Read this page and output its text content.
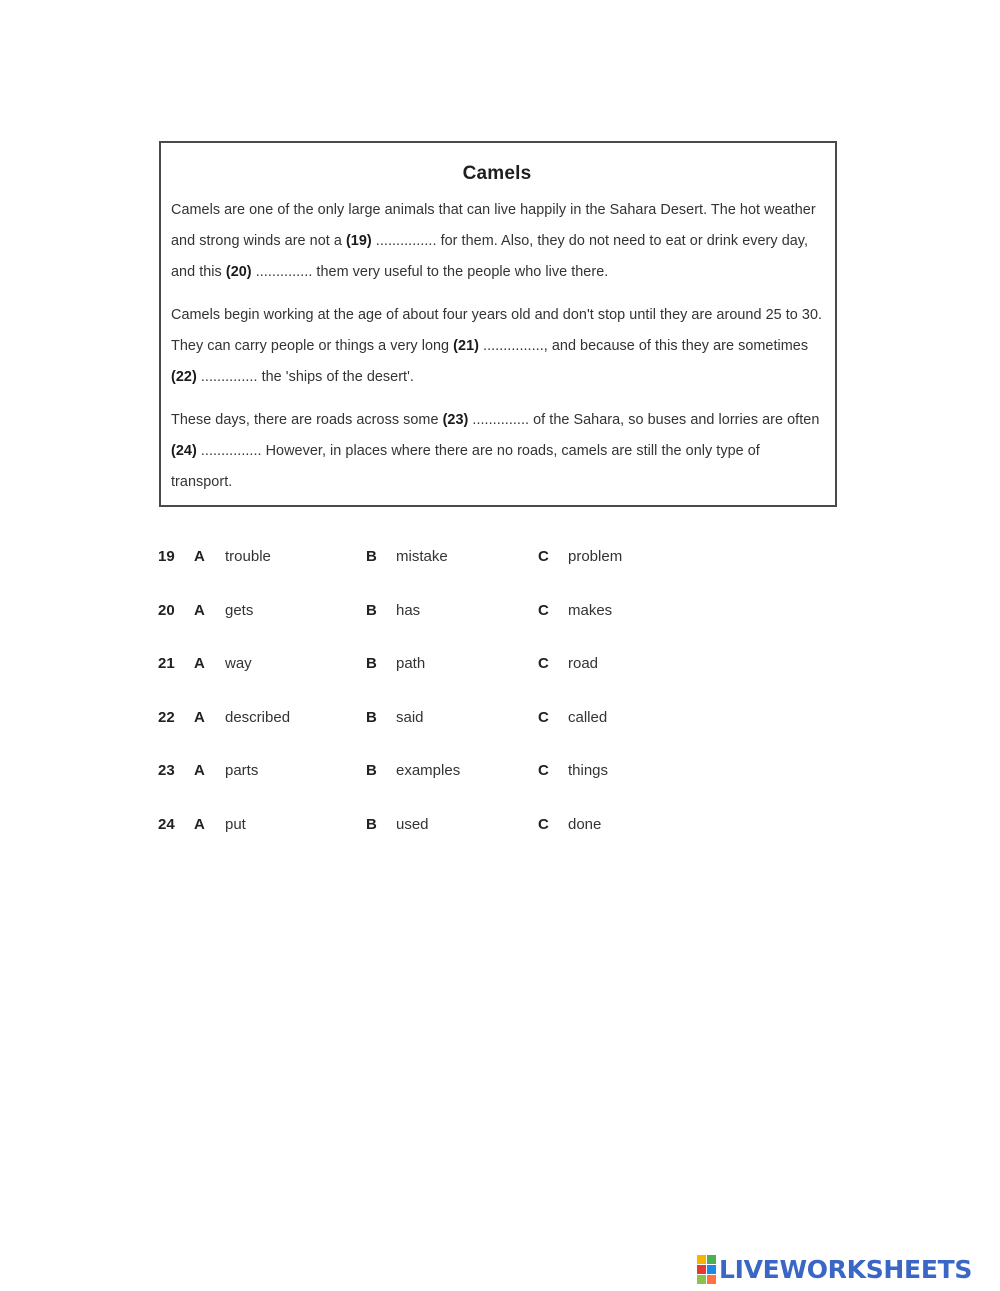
Camels

Camels are one of the only large animals that can live happily in the Sahara Desert. The hot weather and strong winds are not a (19) ............... for them. Also, they do not need to eat or drink every day, and this (20) .............. them very useful to the people who live there.

Camels begin working at the age of about four years old and don't stop until they are around 25 to 30. They can carry people or things a very long (21) ..............., and because of this they are sometimes (22) .............. the 'ships of the desert'.

These days, there are roads across some (23) .............. of the Sahara, so buses and lorries are often (24) ............... However, in places where there are no roads, camels are still the only type of transport.

19 A trouble	B mistake	C problem
20 A gets	B has	C makes
21 A way	B path	C road
22 A described	B said	C called
23 A parts	B examples	C things
24 A put	B used	C done
LIVEWORKSHEETS
